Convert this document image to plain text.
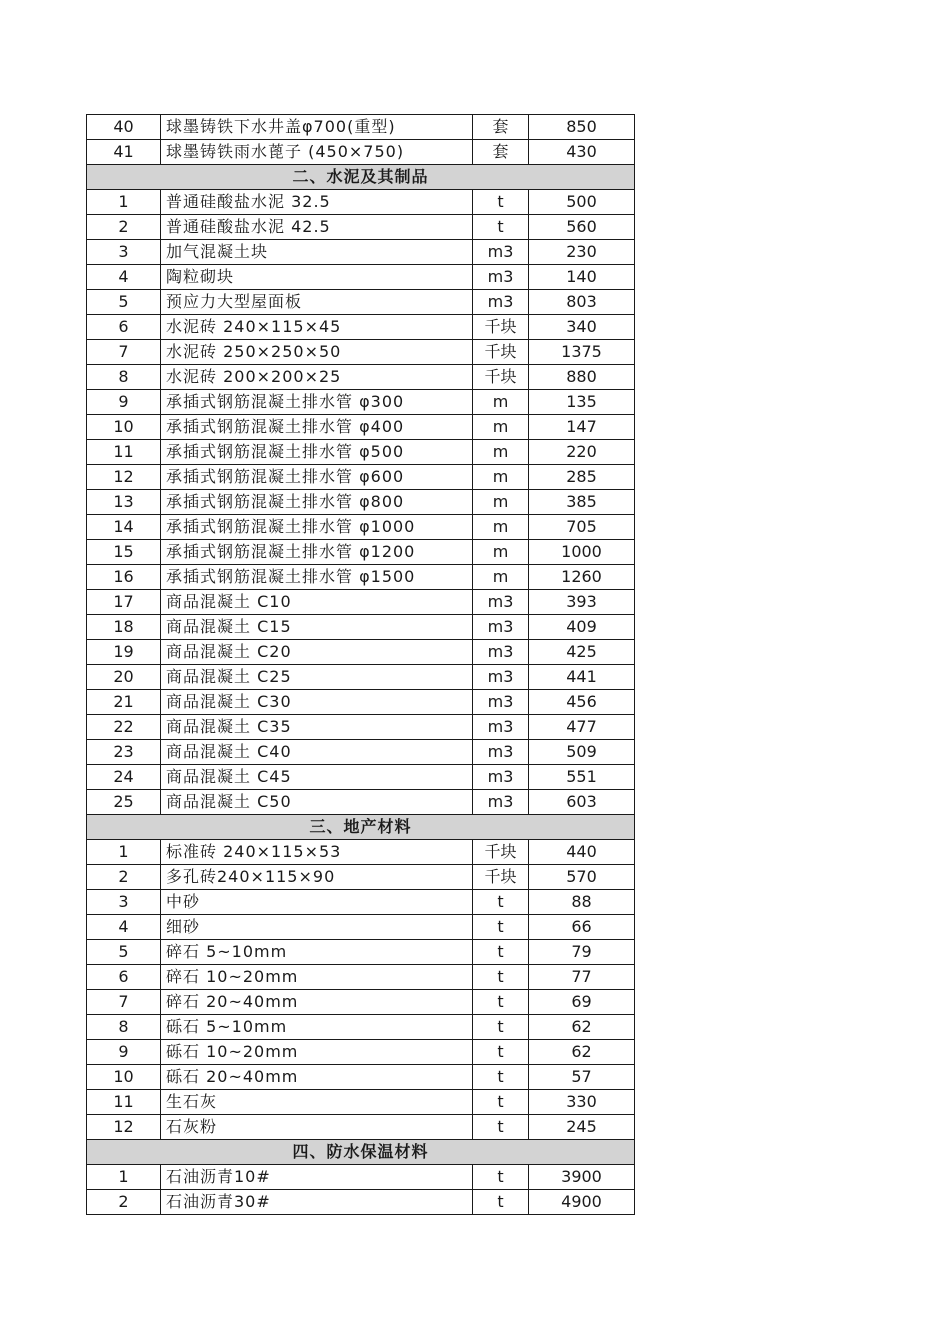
40	球墨铸铁下水井盖φ700(重型)	套	850
41	球墨铸铁雨水蓖子 (450×750)	套	430
二、水泥及其制品			
1	普通硅酸盐水泥 32.5	t	500
2	普通硅酸盐水泥 42.5	t	560
3	加气混凝土块	m3	230
4	陶粒砌块	m3	140
5	预应力大型屋面板	m3	803
6	水泥砖 240×115×45	千块	340
7	水泥砖 250×250×50	千块	1375
8	水泥砖 200×200×25	千块	880
9	承插式钢筋混凝土排水管 φ300	m	135
10	承插式钢筋混凝土排水管 φ400	m	147
11	承插式钢筋混凝土排水管 φ500	m	220
12	承插式钢筋混凝土排水管 φ600	m	285
13	承插式钢筋混凝土排水管 φ800	m	385
14	承插式钢筋混凝土排水管 φ1000	m	705
15	承插式钢筋混凝土排水管 φ1200	m	1000
16	承插式钢筋混凝土排水管 φ1500	m	1260
17	商品混凝土 C10	m3	393
18	商品混凝土 C15	m3	409
19	商品混凝土 C20	m3	425
20	商品混凝土 C25	m3	441
21	商品混凝土 C30	m3	456
22	商品混凝土 C35	m3	477
23	商品混凝土 C40	m3	509
24	商品混凝土 C45	m3	551
25	商品混凝土 C50	m3	603
三、地产材料			
1	标准砖 240×115×53	千块	440
2	多孔砖240×115×90	千块	570
3	中砂	t	88
4	细砂	t	66
5	碎石 5~10mm	t	79
6	碎石 10~20mm	t	77
7	碎石 20~40mm	t	69
8	砾石 5~10mm	t	62
9	砾石 10~20mm	t	62
10	砾石 20~40mm	t	57
11	生石灰	t	330
12	石灰粉	t	245
四、防水保温材料			
1	石油沥青10#	t	3900
2	石油沥青30#	t	4900
